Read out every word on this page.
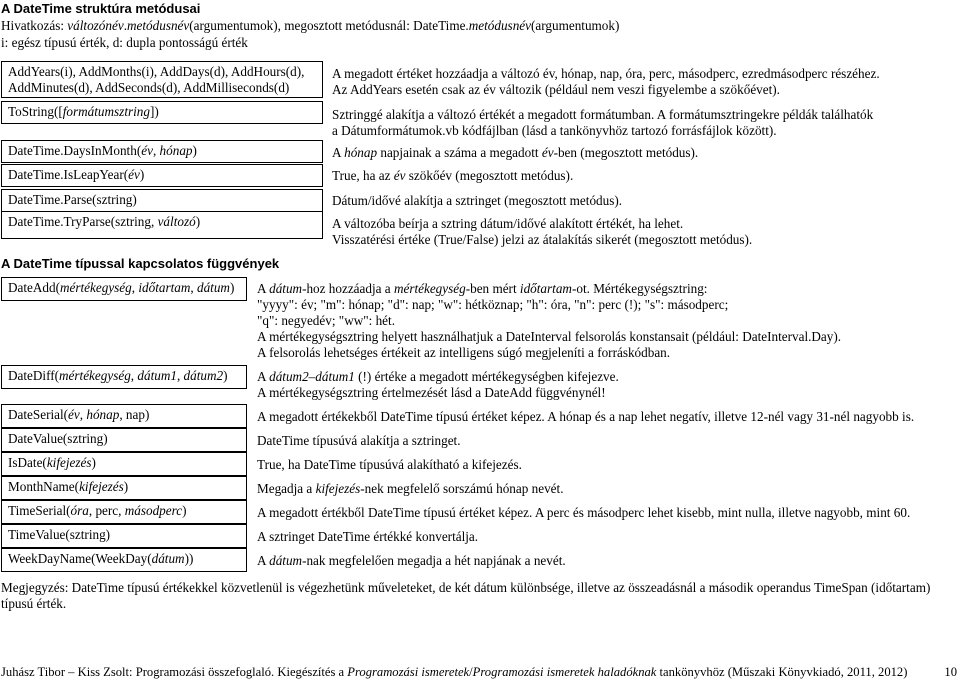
A DateTime struktúra metódusai
Hivatkozás: változónév.metódusnév(argumentumok), megosztott metódusnál: DateTime.metódusnév(argumentumok)
i: egész típusú érték, d: dupla pontosságú érték
AddYears(i), AddMonths(i), AddDays(d), AddHours(d),
AddMinutes(d), AddSeconds(d), AddMilliseconds(d)
ToString([formátumsztring])
DateTime.DaysInMonth(év, hónap)
DateTime.IsLeapYear(év)
DateTime.Parse(sztring)
DateTime.TryParse(sztring, változó)
A megadott értéket hozzáadja a változó év, hónap, nap, óra, perc, másodperc, ezredmásodperc részéhez.
Az AddYears esetén csak az év változik (például nem veszi figyelembe a szökőévet).
Sztringgé alakítja a változó értékét a megadott formátumban. A formátumsztringekre példák találhatók
a Dátumformátumok.vb kódfájlban (lásd a tankönyvhöz tartozó forrásfájlok között).
A hónap napjainak a száma a megadott év-ben (megosztott metódus).
True, ha az év szökőév (megosztott metódus).
Dátum/idővé alakítja a sztringet (megosztott metódus).
A változóba beírja a sztring dátum/idővé alakított értékét, ha lehet.
Visszatérési értéke (True/False) jelzi az átalakítás sikerét (megosztott metódus).
A DateTime típussal kapcsolatos függvények
DateAdd(mértékegység, időtartam, dátum)
DateDiff(mértékegység, dátum1, dátum2)
DateSerial(év, hónap, nap)
DateValue(sztring)
IsDate(kifejezés)
MonthName(kifejezés)
TimeSerial(óra, perc, másodperc)
TimeValue(sztring)
WeekDayName(WeekDay(dátum))
A dátum-hoz hozzáadja a mértékegység-ben mért időtartam-ot. Mértékegységsztring:
"yyyy": év; "m": hónap; "d": nap; "w": hétköznap; "h": óra, "n": perc (!); "s": másodperc;
"q": negyedév; "ww": hét.
A mértékegységsztring helyett használhatjuk a DateInterval felsorolás konstansait (például: DateInterval.Day).
A felsorolás lehetséges értékeit az intelligens súgó megjeleníti a forráskódban.
A dátum2–dátum1 (!) értéke a megadott mértékegységben kifejezve.
A mértékegységsztring értelmezését lásd a DateAdd függvénynél!
A megadott értékekből DateTime típusú értéket képez. A hónap és a nap lehet negatív, illetve 12-nél vagy 31-nél nagyobb is.
DateTime típusúvá alakítja a sztringet.
True, ha DateTime típusúvá alakítható a kifejezés.
Megadja a kifejezés-nek megfelelő sorszámú hónap nevét.
A megadott értékből DateTime típusú értéket képez. A perc és másodperc lehet kisebb, mint nulla, illetve nagyobb, mint 60.
A sztringet DateTime értékké konvertálja.
A dátum-nak megfelelően megadja a hét napjának a nevét.
Megjegyzés: DateTime típusú értékekkel közvetlenül is végezhetünk műveleteket, de két dátum különbsége, illetve az összeadásnál a második operandus TimeSpan (időtartam)
típusú érték.
Juhász Tibor – Kiss Zsolt: Programozási összefoglaló. Kiegészítés a Programozási ismeretek/Programozási ismeretek haladóknak tankönyvhöz (Műszaki Könyvkiadó, 2011, 2012)	10
